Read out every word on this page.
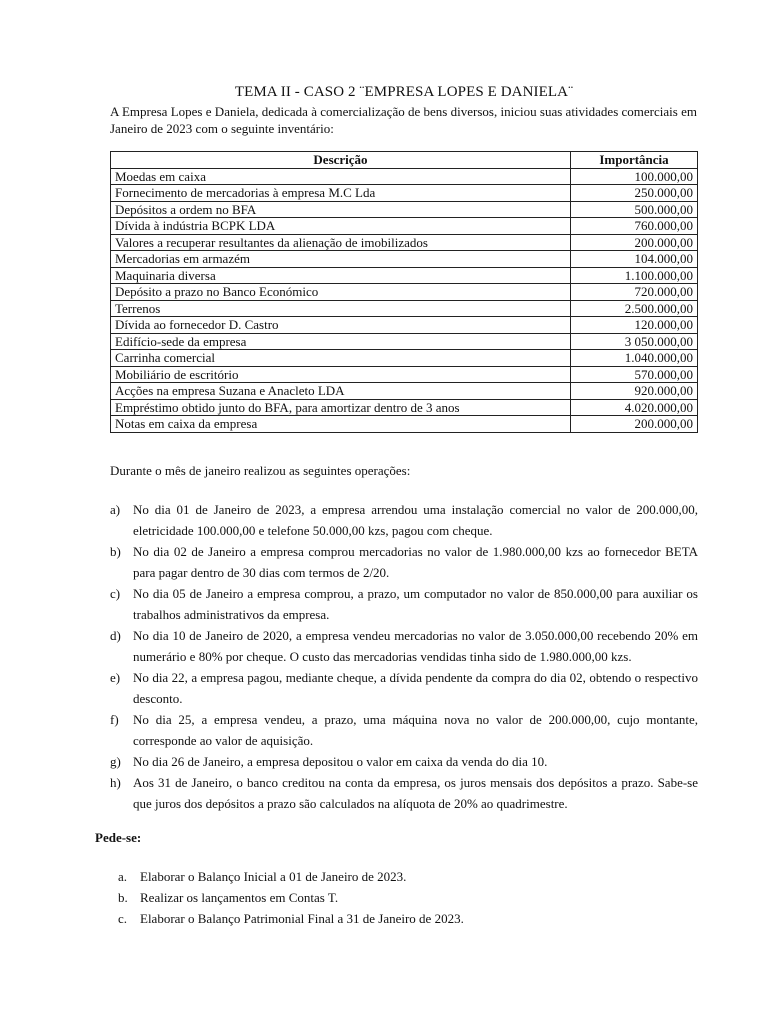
TEMA II - CASO 2 ¨EMPRESA LOPES E DANIELA¨
A Empresa Lopes e Daniela, dedicada à comercialização de bens diversos, iniciou suas atividades comerciais em Janeiro de 2023 com o seguinte inventário:
Descrição	Importância
Moedas em caixa	100.000,00
Fornecimento de mercadorias à empresa M.C Lda	250.000,00
Depósitos a ordem no BFA	500.000,00
Dívida à indústria BCPK LDA	760.000,00
Valores a recuperar resultantes da alienação de imobilizados	200.000,00
Mercadorias em armazém	104.000,00
Maquinaria diversa	1.100.000,00
Depósito a prazo no Banco Económico	720.000,00
Terrenos	2.500.000,00
Dívida ao fornecedor D. Castro	120.000,00
Edifício-sede da empresa	3 050.000,00
Carrinha comercial	1.040.000,00
Mobiliário de escritório	570.000,00
Acções na empresa Suzana e Anacleto LDA	920.000,00
Empréstimo obtido junto do BFA, para amortizar dentro de 3 anos	4.020.000,00
Notas em caixa da empresa	200.000,00
Durante o mês de janeiro realizou as seguintes operações:
a) No dia 01 de Janeiro de 2023, a empresa arrendou uma instalação comercial no valor de 200.000,00, eletricidade 100.000,00 e telefone 50.000,00 kzs, pagou com cheque.
b) No dia 02 de Janeiro a empresa comprou mercadorias no valor de 1.980.000,00 kzs ao fornecedor BETA para pagar dentro de 30 dias com termos de 2/20.
c) No dia 05 de Janeiro a empresa comprou, a prazo, um computador no valor de 850.000,00 para auxiliar os trabalhos administrativos da empresa.
d) No dia 10 de Janeiro de 2020, a empresa vendeu mercadorias no valor de 3.050.000,00 recebendo 20% em numerário e 80% por cheque. O custo das mercadorias vendidas tinha sido de 1.980.000,00 kzs.
e) No dia 22, a empresa pagou, mediante cheque, a dívida pendente da compra do dia 02, obtendo o respectivo desconto.
f) No dia 25, a empresa vendeu, a prazo, uma máquina nova no valor de 200.000,00, cujo montante, corresponde ao valor de aquisição.
g) No dia 26 de Janeiro, a empresa depositou o valor em caixa da venda do dia 10.
h) Aos 31 de Janeiro, o banco creditou na conta da empresa, os juros mensais dos depósitos a prazo. Sabe-se que juros dos depósitos a prazo são calculados na alíquota de 20% ao quadrimestre.
Pede-se:
a. Elaborar o Balanço Inicial a 01 de Janeiro de 2023.
b. Realizar os lançamentos em Contas T.
c. Elaborar o Balanço Patrimonial Final a 31 de Janeiro de 2023.
